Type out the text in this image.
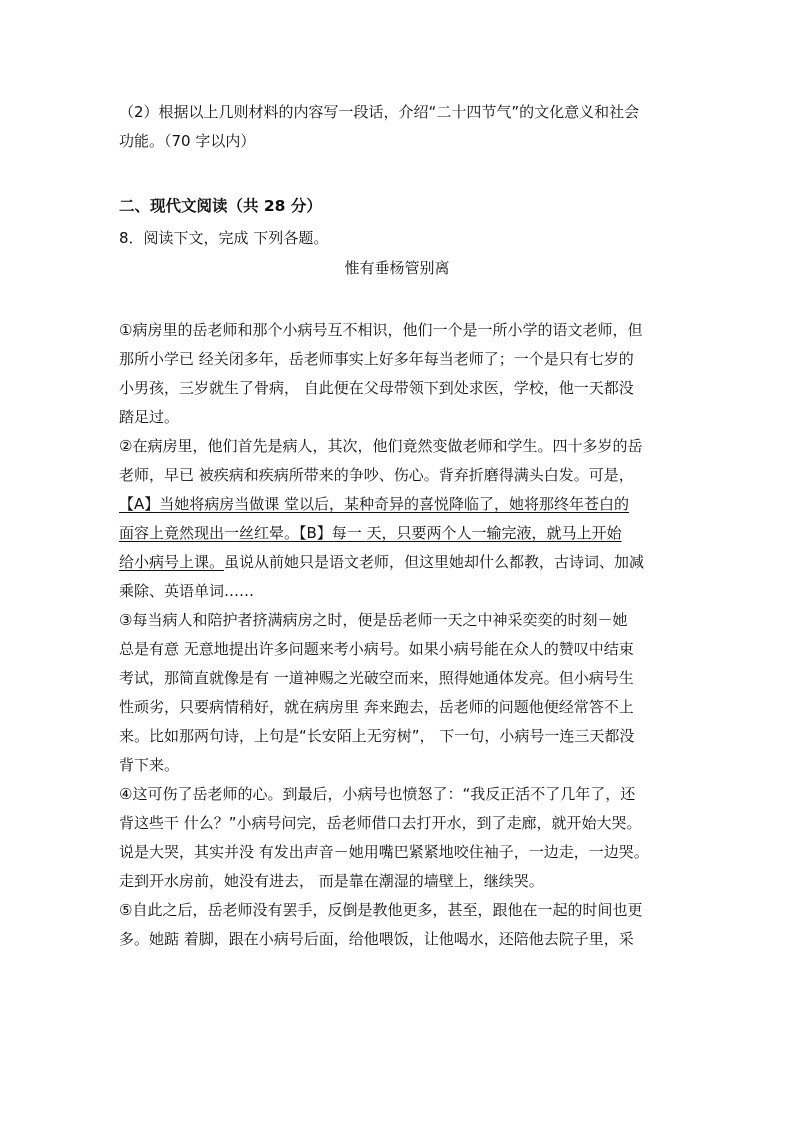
（2）根据以上几则材料的内容写一段话，介绍“二十四节气”的文化意义和社会
功能。（70 字以内）
二、现代文阅读（共 28 分）
8．阅读下文，完成 下列各题。
惟有垂杨管别离
①病房里的岳老师和那个小病号互不相识，他们一个是一所小学的语文老师，但
那所小学已 经关闭多年，岳老师事实上好多年每当老师了；一个是只有七岁的
小男孩，三岁就生了骨病， 自此便在父母带领下到处求医，学校，他一天都没
踏足过。
②在病房里，他们首先是病人，其次，他们竟然变做老师和学生。四十多岁的岳
老师，早已 被疾病和疾病所带来的争吵、伤心。背弃折磨得满头白发。可是，
【A】当她将病房当做课 堂以后，某种奇异的喜悦降临了，她将那终年苍白的
面容上竟然现出一丝红晕。【B】每一 天，只要两个人一输完液，就马上开始
给小病号上课。虽说从前她只是语文老师，但这里她却什么都教，古诗词、加减
乘除、英语单词……
③每当病人和陪护者挤满病房之时，便是岳老师一天之中神采奕奕的时刻－她
总是有意 无意地提出许多问题来考小病号。如果小病号能在众人的赞叹中结束
考试，那简直就像是有 一道神赐之光破空而来，照得她通体发亮。但小病号生
性顽劣，只要病情稍好，就在病房里 奔来跑去，岳老师的问题他便经常答不上
来。比如那两句诗，上句是“长安陌上无穷树”， 下一句，小病号一连三天都没
背下来。
④这可伤了岳老师的心。到最后，小病号也愤怒了：“我反正活不了几年了，还
背这些干 什么？”小病号问完，岳老师借口去打开水，到了走廊，就开始大哭。
说是大哭，其实并没 有发出声音－她用嘴巴紧紧地咬住袖子，一边走，一边哭。
走到开水房前，她没有进去， 而是靠在潮湿的墙壁上，继续哭。
⑤自此之后，岳老师没有罢手，反倒是教他更多，甚至，跟他在一起的时间也更
多。她踮 着脚，跟在小病号后面，给他喂饭，让他喝水，还陪他去院子里，采
